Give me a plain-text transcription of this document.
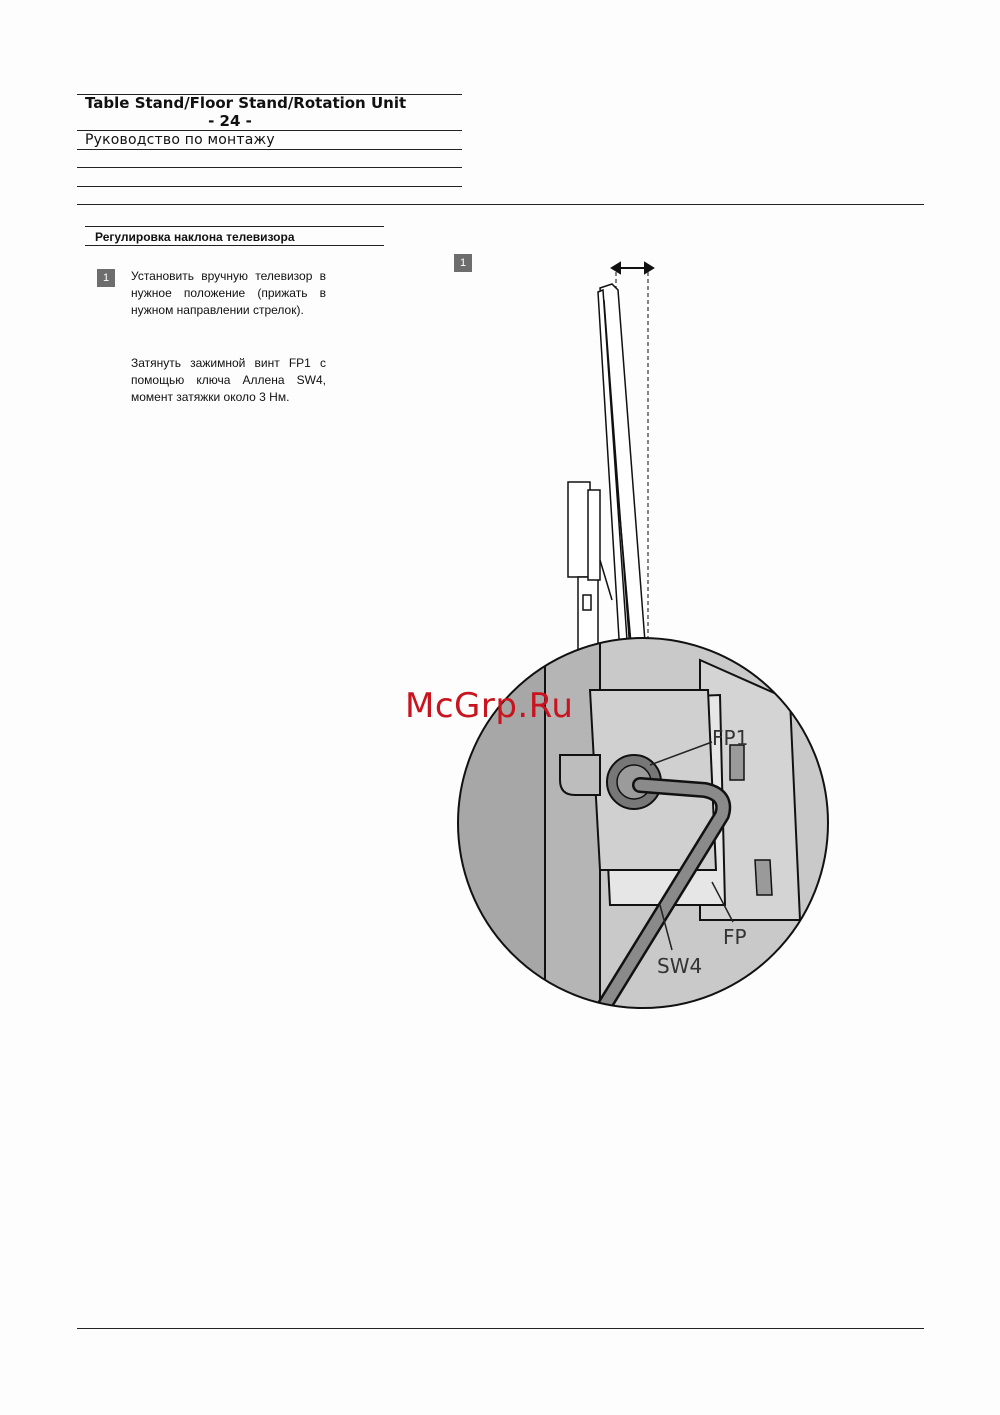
Table Stand/Floor Stand/Rotation Unit
- 24 -
Руководство по монтажу
Регулировка наклона телевизора
1	Установить вручную телевизор в нужное положение (прижать в нужном направлении стрелок).

Затянуть зажимной винт FP1 с помощью ключа Аллена SW4, момент затяжки около 3 Нм.

1
FP1
FP
SW4
McGrp.Ru
